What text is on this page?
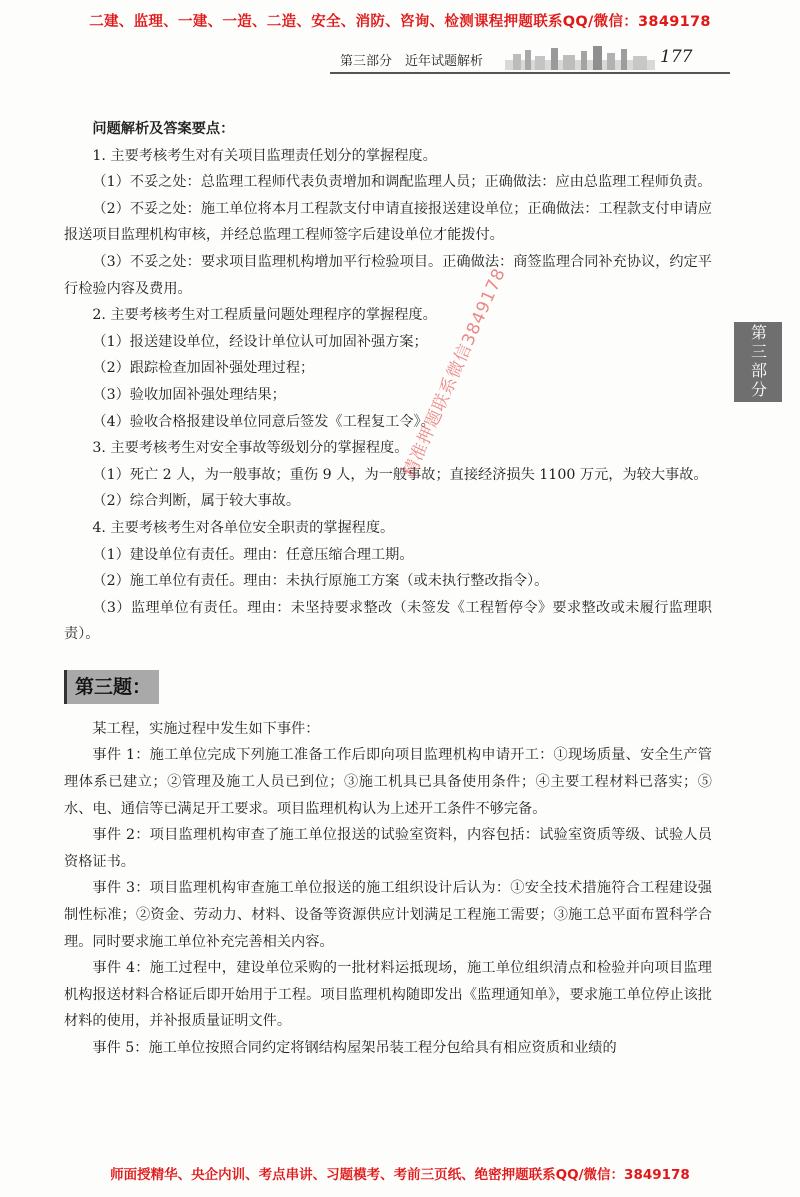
二建、监理、一建、一造、二造、安全、消防、咨询、检测课程押题联系QQ/微信：3849178
第三部分　近年试题解析	177
第三部分

问题解析及答案要点：

1. 主要考核考生对有关项目监理责任划分的掌握程度。

（1）不妥之处：总监理工程师代表负责增加和调配监理人员；正确做法：应由总监理工程师负责。

（2）不妥之处：施工单位将本月工程款支付申请直接报送建设单位；正确做法：工程款支付申请应报送项目监理机构审核，并经总监理工程师签字后建设单位才能拨付。

（3）不妥之处：要求项目监理机构增加平行检验项目。正确做法：商签监理合同补充协议，约定平行检验内容及费用。

2. 主要考核考生对工程质量问题处理程序的掌握程度。

（1）报送建设单位，经设计单位认可加固补强方案；

（2）跟踪检查加固补强处理过程；

（3）验收加固补强处理结果；

（4）验收合格报建设单位同意后签发《工程复工令》。

3. 主要考核考生对安全事故等级划分的掌握程度。

（1）死亡 2 人，为一般事故；重伤 9 人，为一般事故；直接经济损失 1100 万元，为较大事故。

（2）综合判断，属于较大事故。

4. 主要考核考生对各单位安全职责的掌握程度。

（1）建设单位有责任。理由：任意压缩合理工期。

（2）施工单位有责任。理由：未执行原施工方案（或未执行整改指令）。

（3）监理单位有责任。理由：未坚持要求整改（未签发《工程暂停令》要求整改或未履行监理职责）。

第三题：

某工程，实施过程中发生如下事件：

事件 1：施工单位完成下列施工准备工作后即向项目监理机构申请开工：①现场质量、安全生产管理体系已建立；②管理及施工人员已到位；③施工机具已具备使用条件；④主要工程材料已落实；⑤水、电、通信等已满足开工要求。项目监理机构认为上述开工条件不够完备。

事件 2：项目监理机构审查了施工单位报送的试验室资料，内容包括：试验室资质等级、试验人员资格证书。

事件 3：项目监理机构审查施工单位报送的施工组织设计后认为：①安全技术措施符合工程建设强制性标准；②资金、劳动力、材料、设备等资源供应计划满足工程施工需要；③施工总平面布置科学合理。同时要求施工单位补充完善相关内容。

事件 4：施工过程中，建设单位采购的一批材料运抵现场，施工单位组织清点和检验并向项目监理机构报送材料合格证后即开始用于工程。项目监理机构随即发出《监理通知单》，要求施工单位停止该批材料的使用，并补报质量证明文件。

事件 5：施工单位按照合同约定将钢结构屋架吊装工程分包给具有相应资质和业绩的

精准押题联系微信3849178
师面授精华、央企内训、考点串讲、习题模考、考前三页纸、绝密押题联系QQ/微信：3849178
